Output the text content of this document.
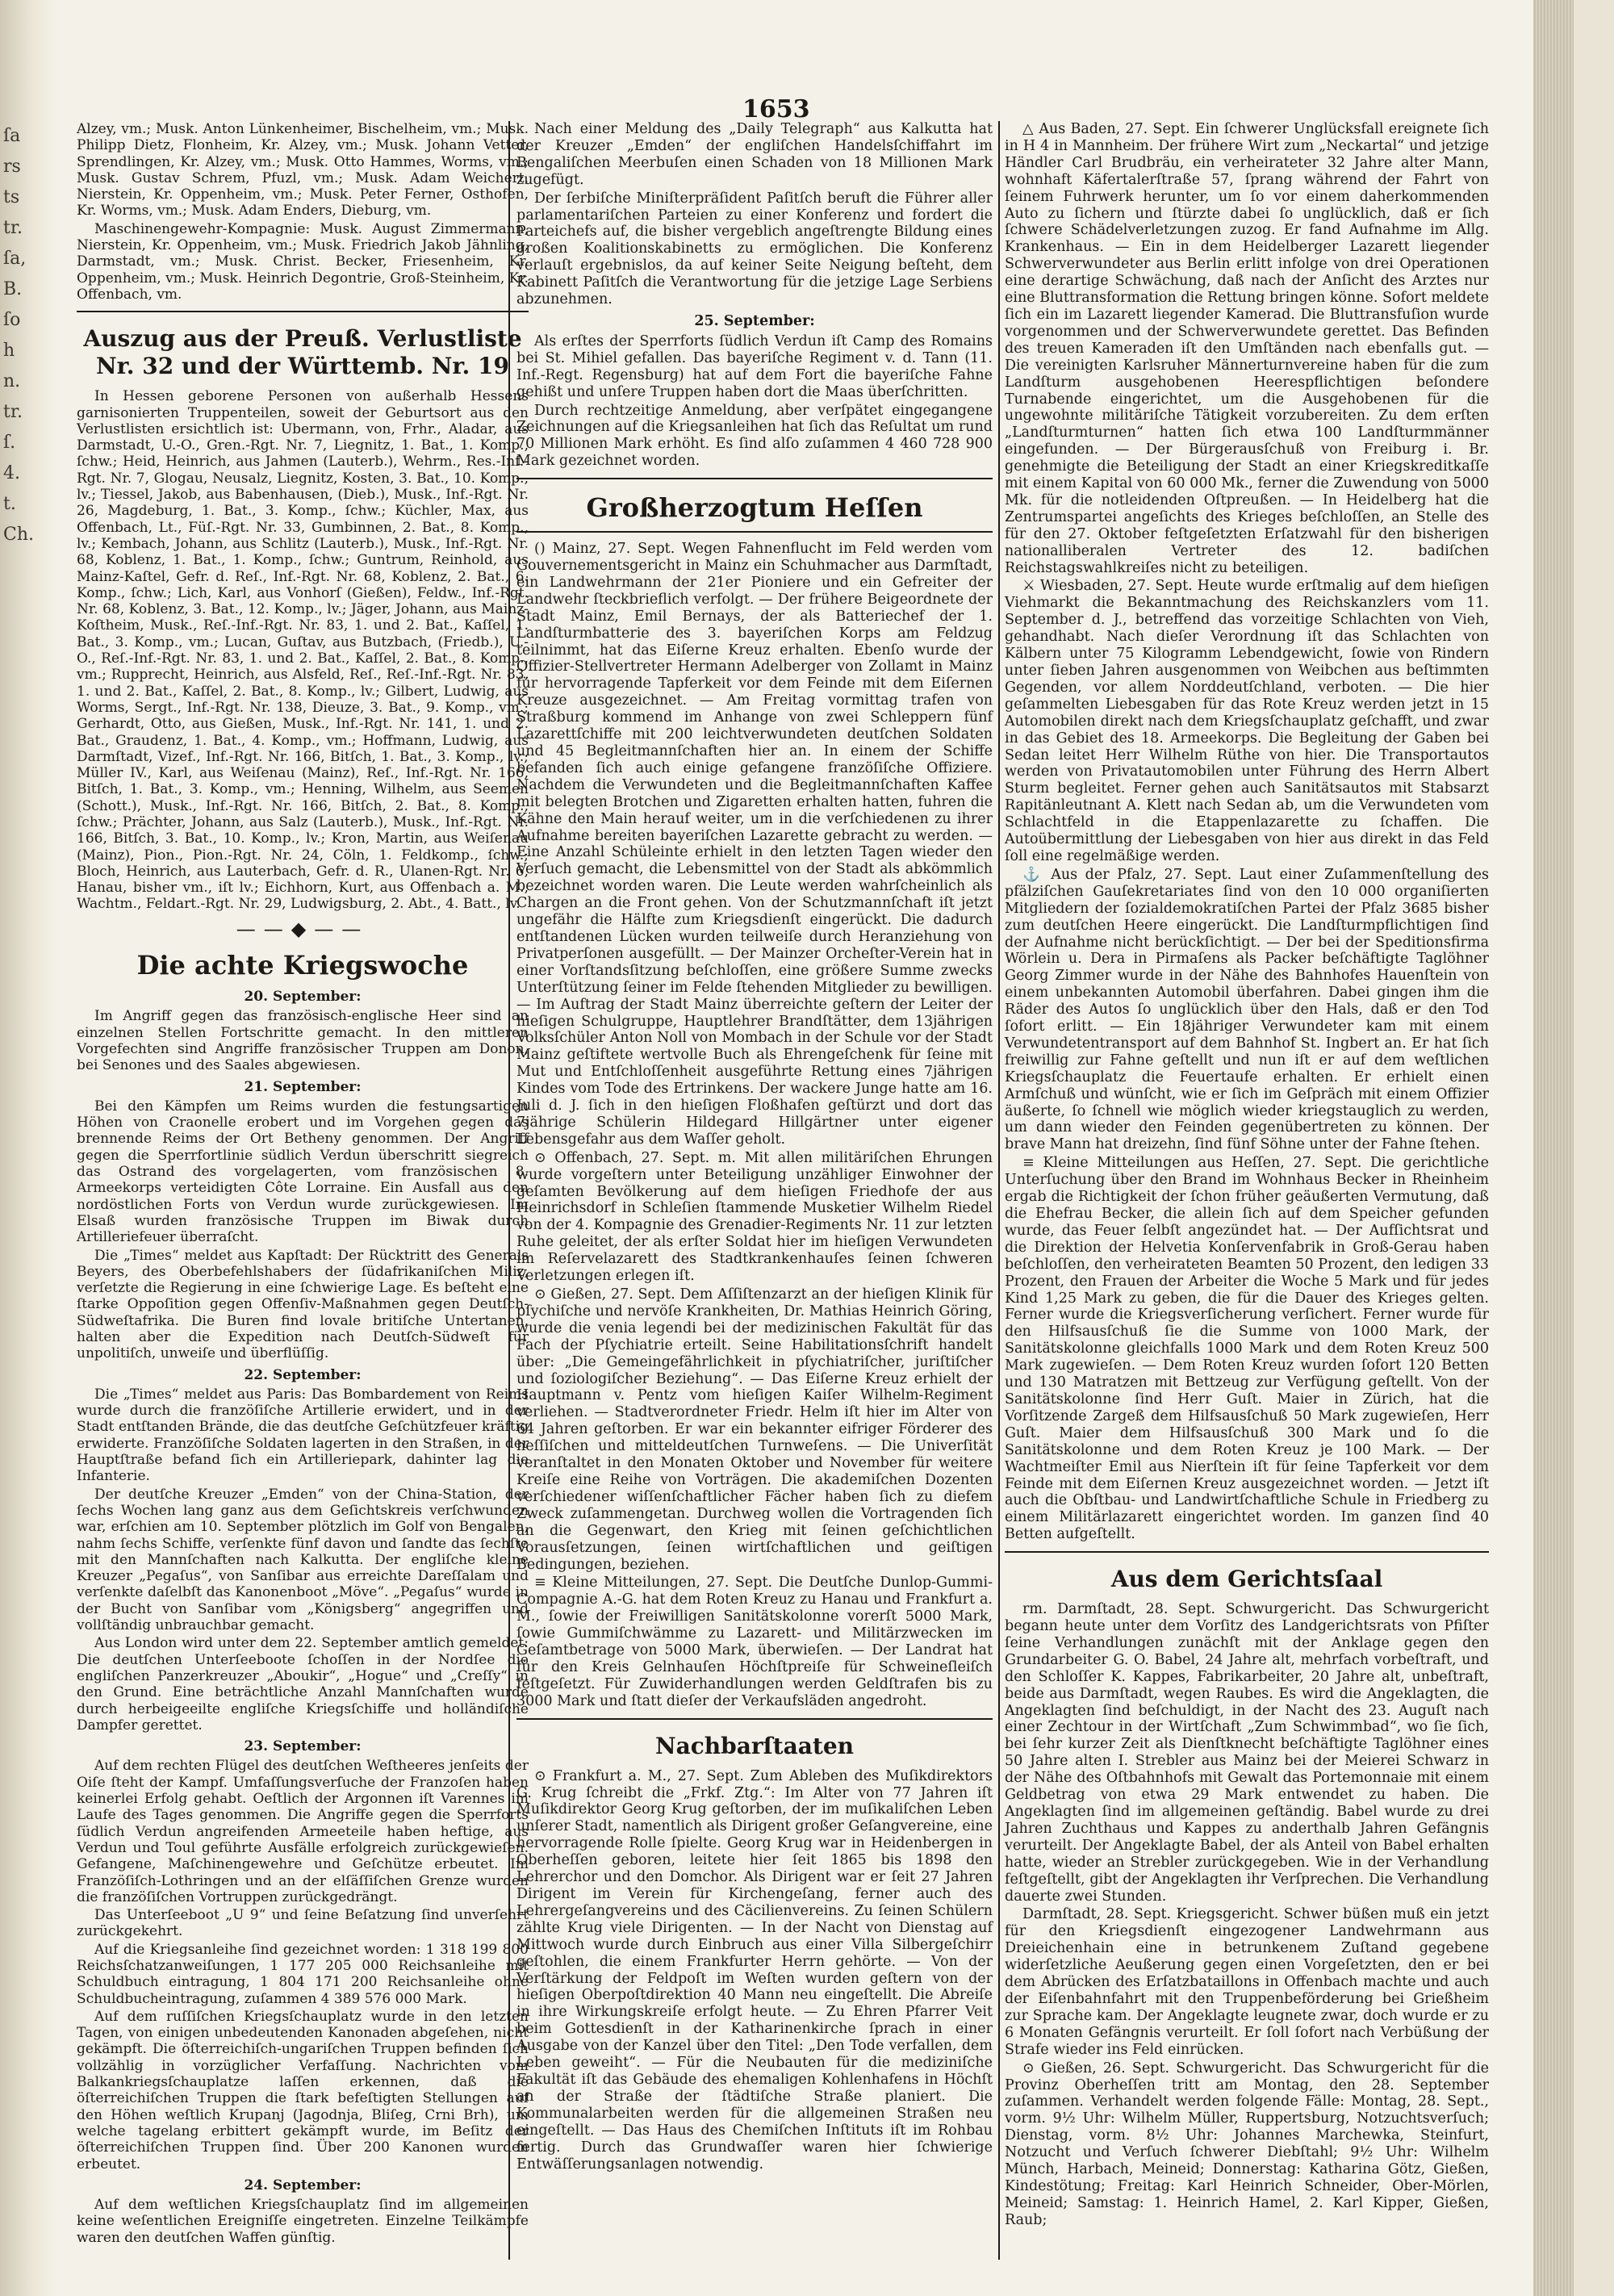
ſa
rs
ts
tr.
ſa,
B.
ſo
h
n.
tr.
ſ.
4.
t.
Ch.
1653

Alzey, vm.; Musk. Anton Lünkenheimer, Bischelheim, vm.; Musk. Philipp Dietz, Flonheim, Kr. Alzey, vm.; Musk. Johann Vetter, Sprendlingen, Kr. Alzey, vm.; Musk. Otto Hammes, Worms, vm.; Musk. Gustav Schrem, Pfuzl, vm.; Musk. Adam Weichert, Nierstein, Kr. Oppenheim, vm.; Musk. Peter Ferner, Osthofen, Kr. Worms, vm.; Musk. Adam Enders, Dieburg, vm.

Maschinengewehr-Kompagnie: Musk. August Zimmermann, Nierstein, Kr. Oppenheim, vm.; Musk. Friedrich Jakob Jähnling, Darmstadt, vm.; Musk. Christ. Becker, Friesenheim, Kr. Oppenheim, vm.; Musk. Heinrich Degontrie, Groß-Steinheim, Kr. Offenbach, vm.

Auszug aus der Preuß. Verlustliste Nr. 32 und der Württemb. Nr. 19

In Hessen geborene Personen von außerhalb Hessens garnisonierten Truppenteilen, soweit der Geburtsort aus den Verlustlisten ersichtlich ist: Ubermann, von, Frhr., Aladar, aus Darmstadt, U.-O., Gren.-Rgt. Nr. 7, Liegnitz, 1. Bat., 1. Komp., ſchw.; Heid, Heinrich, aus Jahmen (Lauterb.), Wehrm., Res.-Inf.-Rgt. Nr. 7, Glogau, Neusalz, Liegnitz, Kosten, 3. Bat., 10. Komp., lv.; Tiessel, Jakob, aus Babenhausen, (Dieb.), Musk., Inf.-Rgt. Nr. 26, Magdeburg, 1. Bat., 3. Komp., ſchw.; Küchler, Max, aus Offenbach, Lt., Füſ.-Rgt. Nr. 33, Gumbinnen, 2. Bat., 8. Komp., lv.; Kembach, Johann, aus Schlitz (Lauterb.), Musk., Inf.-Rgt. Nr. 68, Koblenz, 1. Bat., 1. Komp., ſchw.; Guntrum, Reinhold, aus Mainz-Kaſtel, Gefr. d. Reſ., Inf.-Rgt. Nr. 68, Koblenz, 2. Bat., 6. Komp., ſchw.; Lich, Karl, aus Vonhorſ (Gießen), Feldw., Inf.-Rgt. Nr. 68, Koblenz, 3. Bat., 12. Komp., lv.; Jäger, Johann, aus Mainz-Koſtheim, Musk., Reſ.-Inf.-Rgt. Nr. 83, 1. und 2. Bat., Kaſſel, 1. Bat., 3. Komp., vm.; Lucan, Guſtav, aus Butzbach, (Friedb.), U.-O., Reſ.-Inf.-Rgt. Nr. 83, 1. und 2. Bat., Kaſſel, 2. Bat., 8. Komp., vm.; Rupprecht, Heinrich, aus Alsfeld, Reſ., Reſ.-Inf.-Rgt. Nr. 83, 1. und 2. Bat., Kaſſel, 2. Bat., 8. Komp., lv.; Gilbert, Ludwig, aus Worms, Sergt., Inf.-Rgt. Nr. 138, Dieuze, 3. Bat., 9. Komp., vm.; Gerhardt, Otto, aus Gießen, Musk., Inf.-Rgt. Nr. 141, 1. und 2. Bat., Graudenz, 1. Bat., 4. Komp., vm.; Hoffmann, Ludwig, aus Darmſtadt, Vizef., Inf.-Rgt. Nr. 166, Bitſch, 1. Bat., 3. Komp., lv.; Müller IV., Karl, aus Weiſenau (Mainz), Reſ., Inf.-Rgt. Nr. 166, Bitſch, 1. Bat., 3. Komp., vm.; Henning, Wilhelm, aus Seemen (Schott.), Musk., Inf.-Rgt. Nr. 166, Bitſch, 2. Bat., 8. Komp., ſchw.; Prächter, Johann, aus Salz (Lauterb.), Musk., Inf.-Rgt. Nr. 166, Bitſch, 3. Bat., 10. Komp., lv.; Kron, Martin, aus Weiſenau (Mainz), Pion., Pion.-Rgt. Nr. 24, Cöln, 1. Feldkomp., ſchw.; Bloch, Heinrich, aus Lauterbach, Gefr. d. R., Ulanen-Rgt. Nr. 6, Hanau, bisher vm., iſt lv.; Eichhorn, Kurt, aus Offenbach a. M., Wachtm., Feldart.-Rgt. Nr. 29, Ludwigsburg, 2. Abt., 4. Batt., lv.

——◆——
Die achte Kriegswoche
20. September:

Im Angriff gegen das französisch-englische Heer sind an einzelnen Stellen Fortschritte gemacht. In den mittleren Vorgefechten sind Angriffe französischer Truppen am Donon, bei Senones und des Saales abgewiesen.

21. September:

Bei den Kämpfen um Reims wurden die festungsartigen Höhen von Craonelle erobert und im Vorgehen gegen das brennende Reims der Ort Betheny genommen. Der Angriff gegen die Sperrfortlinie südlich Verdun überschritt siegreich das Ostrand des vorgelagerten, vom französischen 8. Armeekorps verteidigten Côte Lorraine. Ein Ausfall aus den nordöstlichen Forts von Verdun wurde zurückgewiesen. Im Elsaß wurden französische Truppen im Biwak durch Artilleriefeuer überraſcht.

Die „Times“ meldet aus Kapſtadt: Der Rücktritt des Generals Beyers, des Oberbefehlshabers der ſüdafrikaniſchen Miliz, verſetzte die Regierung in eine ſchwierige Lage. Es beſteht eine ſtarke Oppoſition gegen Offenſiv-Maßnahmen gegen Deutſch-Südweſtafrika. Die Buren find lovale britiſche Untertanen, halten aber die Expedition nach Deutſch-Südweſt für unpolitiſch, unweiſe und überflüſſig.

22. September:

Die „Times“ meldet aus Paris: Das Bombardement von Reims wurde durch die franzöſiſche Artillerie erwidert, und in der Stadt entſtanden Brände, die das deutſche Geſchützfeuer kräftig erwiderte. Franzöſiſche Soldaten lagerten in den Straßen, in der Hauptſtraße befand ſich ein Artilleriepark, dahinter lag die Infanterie.

Der deutſche Kreuzer „Emden“ von der China-Station, der ſechs Wochen lang ganz aus dem Geſichtskreis verſchwunden war, erſchien am 10. September plötzlich im Golf von Bengalen, nahm ſechs Schiffe, verſenkte fünf davon und ſandte das ſechſte mit den Mannſchaften nach Kalkutta. Der engliſche kleine Kreuzer „Pegaſus“, von Sanſibar aus erreichte Dareſſalam und verſenkte daſelbſt das Kanonenboot „Möve“. „Pegaſus“ wurde in der Bucht von Sanſibar vom „Königsberg“ angegriffen und vollſtändig unbrauchbar gemacht.

Aus London wird unter dem 22. September amtlich gemeldet: Die deutſchen Unterſeeboote ſchoſſen in der Nordſee die engliſchen Panzerkreuzer „Aboukir“, „Hogue“ und „Creſſy“ in den Grund. Eine beträchtliche Anzahl Mannſchaften wurde durch herbeigeeilte engliſche Kriegsſchiffe und holländiſche Dampfer gerettet.

23. September:

Auf dem rechten Flügel des deutſchen Weſtheeres jenſeits der Oiſe ſteht der Kampf. Umfaſſungsverſuche der Franzoſen haben keinerlei Erfolg gehabt. Oeſtlich der Argonnen iſt Varennes im Laufe des Tages genommen. Die Angriffe gegen die Sperrforts ſüdlich Verdun angreifenden Armeeteile haben heftige, aus Verdun und Toul geführte Ausfälle erfolgreich zurückgewieſen. Gefangene, Maſchinengewehre und Geſchütze erbeutet. Im Franzöſiſch-Lothringen und an der elſäſſiſchen Grenze wurden die franzöſiſchen Vortruppen zurückgedrängt.

Das Unterſeeboot „U 9“ und ſeine Beſatzung ſind unverſehrt zurückgekehrt.

Auf die Kriegsanleihe ſind gezeichnet worden: 1 318 199 800 Reichsſchatzanweiſungen, 1 177 205 000 Reichsanleihe mit Schuldbuch eintragung, 1 804 171 200 Reichsanleihe ohne Schuldbucheintragung, zuſammen 4 389 576 000 Mark.

Auf dem ruſſiſchen Kriegsſchauplatz wurde in den letzten Tagen, von einigen unbedeutenden Kanonaden abgeſehen, nicht gekämpft. Die öſterreichiſch-ungariſchen Truppen befinden ſich vollzählig in vorzüglicher Verfaſſung. Nachrichten vom Balkankriegsſchauplatze laſſen erkennen, daß die öſterreichiſchen Truppen die ſtark befeſtigten Stellungen auf den Höhen weſtlich Krupanj (Jagodnja, Bliſeg, Crni Brh), um welche tagelang erbittert gekämpft wurde, im Beſitz der öſterreichiſchen Truppen ſind. Über 200 Kanonen wurden erbeutet.

24. September:

Auf dem weſtlichen Kriegsſchauplatz ſind im allgemeinen keine weſentlichen Ereigniſſe eingetreten. Einzelne Teilkämpfe waren den deutſchen Waffen günſtig.

Nach einer Meldung des „Daily Telegraph“ aus Kalkutta hat der Kreuzer „Emden“ der engliſchen Handelsſchiffahrt im Bengaliſchen Meerbuſen einen Schaden von 18 Millionen Mark zugefügt.

Der ſerbiſche Miniſterpräſident Paſitſch beruft die Führer aller parlamentariſchen Parteien zu einer Konferenz und fordert die Parteichefs auf, die bisher vergeblich angeſtrengte Bildung eines großen Koalitionskabinetts zu ermöglichen. Die Konferenz verlauſt ergebnislos, da auf keiner Seite Neigung beſteht, dem Kabinett Paſitſch die Verantwortung für die jetzige Lage Serbiens abzunehmen.

25. September:

Als erſtes der Sperrforts ſüdlich Verdun iſt Camp des Romains bei St. Mihiel gefallen. Das bayeriſche Regiment v. d. Tann (11. Inf.-Regt. Regensburg) hat auf dem Fort die bayeriſche Fahne gehißt und unſere Truppen haben dort die Maas überſchritten.

Durch rechtzeitige Anmeldung, aber verſpätet eingegangene Zeichnungen auf die Kriegsanleihen hat ſich das Reſultat um rund 70 Millionen Mark erhöht. Es ſind alſo zuſammen 4 460 728 900 Mark gezeichnet worden.

Großherzogtum Heſſen

() Mainz, 27. Sept. Wegen Fahnenflucht im Feld werden vom Gouvernementsgericht in Mainz ein Schuhmacher aus Darmſtadt, ein Landwehrmann der 21er Pioniere und ein Gefreiter der Landwehr ſteckbrieflich verfolgt. — Der frühere Beigeordnete der Stadt Mainz, Emil Bernays, der als Batteriechef der 1. Landſturmbatterie des 3. bayeriſchen Korps am Feldzug teilnimmt, hat das Eiſerne Kreuz erhalten. Ebenſo wurde der Offizier-Stellvertreter Hermann Adelberger von Zollamt in Mainz für hervorragende Tapferkeit vor dem Feinde mit dem Eiſernen Kreuze ausgezeichnet. — Am Freitag vormittag trafen von Straßburg kommend im Anhange von zwei Schleppern fünf Lazarettſchiffe mit 200 leichtverwundeten deutſchen Soldaten und 45 Begleitmannſchaften hier an. In einem der Schiffe befanden ſich auch einige gefangene franzöſiſche Offiziere. Nachdem die Verwundeten und die Begleitmannſchaften Kaffee mit belegten Brotchen und Zigaretten erhalten hatten, fuhren die Kähne den Main herauf weiter, um in die verſchiedenen zu ihrer Aufnahme bereiten bayeriſchen Lazarette gebracht zu werden. — Eine Anzahl Schüleinte erhielt in den letzten Tagen wieder den Verſuch gemacht, die Lebensmittel von der Stadt als abkömmlich bezeichnet worden waren. Die Leute werden wahrſcheinlich als Chargen an die Front gehen. Von der Schutzmannſchaft iſt jetzt ungefähr die Hälfte zum Kriegsdienſt eingerückt. Die dadurch entſtandenen Lücken wurden teilweiſe durch Heranziehung von Privatperſonen ausgefüllt. — Der Mainzer Orcheſter-Verein hat in einer Vorſtandsſitzung beſchloſſen, eine größere Summe zwecks Unterſtützung ſeiner im Felde ſtehenden Mitglieder zu bewilligen. — Im Auftrag der Stadt Mainz überreichte geſtern der Leiter der hieſigen Schulgruppe, Hauptlehrer Brandſtätter, dem 13jährigen Volksſchüler Anton Noll von Mombach in der Schule vor der Stadt Mainz geſtiftete wertvolle Buch als Ehrengeſchenk für ſeine mit Mut und Entſchloſſenheit ausgeführte Rettung eines 7jährigen Kindes vom Tode des Ertrinkens. Der wackere Junge hatte am 16. Juli d. J. ſich in den hieſigen Floßhafen geſtürzt und dort das 7jährige Schülerin Hildegard Hillgärtner unter eigener Lebensgefahr aus dem Waſſer geholt.

⊙ Offenbach, 27. Sept. m. Mit allen militäriſchen Ehrungen wurde vorgeſtern unter Beteiligung unzähliger Einwohner der geſamten Bevölkerung auf dem hieſigen Friedhofe der aus Heinrichsdorf in Schleſien ſtammende Musketier Wilhelm Riedel von der 4. Kompagnie des Grenadier-Regiments Nr. 11 zur letzten Ruhe geleitet, der als erſter Soldat hier im hieſigen Verwundeten im Reſervelazarett des Stadtkrankenhauſes ſeinen ſchweren Verletzungen erlegen iſt.

⊙ Gießen, 27. Sept. Dem Aſſiſtenzarzt an der hieſigen Klinik für pſychiſche und nervöſe Krankheiten, Dr. Mathias Heinrich Göring, wurde die venia legendi bei der medizinischen Fakultät für das Fach der Pſychiatrie erteilt. Seine Habilitationsſchrift handelt über: „Die Gemeingefährlichkeit in pſychiatriſcher, juriſtiſcher und ſoziologiſcher Beziehung“. — Das Eiſerne Kreuz erhielt der Hauptmann v. Pentz vom hieſigen Kaiſer Wilhelm-Regiment verliehen. — Stadtverordneter Friedr. Helm iſt hier im Alter von 64 Jahren geſtorben. Er war ein bekannter eifriger Förderer des heſſiſchen und mitteldeutſchen Turnweſens. — Die Univerſität veranſtaltet in den Monaten Oktober und November für weitere Kreiſe eine Reihe von Vorträgen. Die akademiſchen Dozenten verſchiedener wiſſenſchaftlicher Fächer haben ſich zu diefem Zweck zuſammengetan. Durchweg wollen die Vortragenden ſich an die Gegenwart, den Krieg mit ſeinen geſchichtlichen Vorausſetzungen, ſeinen wirtſchaftlichen und geiſtigen Bedingungen, beziehen.

≡ Kleine Mitteilungen, 27. Sept. Die Deutſche Dunlop-Gummi-Compagnie A.-G. hat dem Roten Kreuz zu Hanau und Frankfurt a. M., ſowie der Freiwilligen Sanitätskolonne vorerſt 5000 Mark, ſowie Gummiſchwämme zu Lazarett- und Militärzwecken im Geſamtbetrage von 5000 Mark, überwieſen. — Der Landrat hat für den Kreis Gelnhauſen Höchſtpreiſe für Schweineſleiſch feſtgeſetzt. Für Zuwiderhandlungen werden Geldſtrafen bis zu 3000 Mark und ſtatt dieſer der Verkaufsläden angedroht.

Nachbarſtaaten

⊙ Frankfurt a. M., 27. Sept. Zum Ableben des Muſikdirektors G. Krug ſchreibt die „Frkf. Ztg.“: Im Alter von 77 Jahren iſt Muſikdirektor Georg Krug geſtorben, der im muſikaliſchen Leben unſerer Stadt, namentlich als Dirigent großer Geſangvereine, eine hervorragende Rolle ſpielte. Georg Krug war in Heidenbergen in Oberheſſen geboren, leitete hier ſeit 1865 bis 1898 den Lehrerchor und den Domchor. Als Dirigent war er ſeit 27 Jahren Dirigent im Verein für Kirchengeſang, ferner auch des Lehrergeſangvereins und des Cäcilienvereins. Zu ſeinen Schülern zählte Krug viele Dirigenten. — In der Nacht von Dienstag auf Mittwoch wurde durch Einbruch aus einer Villa Silbergeſchirr geſtohlen, die einem Frankfurter Herrn gehörte. — Von der Verſtärkung der Feldpoſt im Weſten wurden geſtern von der hieſigen Oberpoſtdirektion 40 Mann neu eingeſtellt. Die Abreiſe in ihre Wirkungskreiſe erfolgt heute. — Zu Ehren Pfarrer Veit beim Gottesdienſt in der Katharinenkirche ſprach in einer Ausgabe von der Kanzel über den Titel: „Den Tode verfallen, dem Leben geweiht“. — Für die Neubauten für die mediziniſche Fakultät iſt das Gebäude des ehemaligen Kohlenhafens in Höchſt an der Straße der ſtädtiſche Straße planiert. Die Kommunalarbeiten werden für die allgemeinen Straßen neu eingeſtellt. — Das Haus des Chemiſchen Inſtituts iſt im Rohbau fertig. Durch das Grundwaſſer waren hier ſchwierige Entwäſſerungsanlagen notwendig.

△ Aus Baden, 27. Sept. Ein ſchwerer Unglücksfall ereignete ſich in H 4 in Mannheim. Der frühere Wirt zum „Neckartal“ und jetzige Händler Carl Brudbräu, ein verheirateter 32 Jahre alter Mann, wohnhaft Käfertalerſtraße 57, ſprang während der Fahrt von ſeinem Fuhrwerk herunter, um ſo vor einem daherkommenden Auto zu ſichern und ſtürzte dabei ſo unglücklich, daß er ſich ſchwere Schädelverletzungen zuzog. Er fand Aufnahme im Allg. Krankenhaus. — Ein in dem Heidelberger Lazarett liegender Schwerverwundeter aus Berlin erlitt infolge von drei Operationen eine derartige Schwächung, daß nach der Anſicht des Arztes nur eine Bluttransformation die Rettung bringen könne. Sofort meldete ſich ein im Lazarett liegender Kamerad. Die Bluttransfuſion wurde vorgenommen und der Schwerverwundete gerettet. Das Befinden des treuen Kameraden iſt den Umſtänden nach ebenfalls gut. — Die vereinigten Karlsruher Männerturnvereine haben für die zum Landſturm ausgehobenen Heerespflichtigen beſondere Turnabende eingerichtet, um die Ausgehobenen für die ungewohnte militäriſche Tätigkeit vorzubereiten. Zu dem erſten „Landſturmturnen“ hatten ſich etwa 100 Landſturmmänner eingefunden. — Der Bürgerausſchuß von Freiburg i. Br. genehmigte die Beteiligung der Stadt an einer Kriegskreditkaſſe mit einem Kapital von 60 000 Mk., ferner die Zuwendung von 5000 Mk. für die notleidenden Oſtpreußen. — In Heidelberg hat die Zentrumspartei angeſichts des Krieges beſchloſſen, an Stelle des für den 27. Oktober feſtgeſetzten Erſatzwahl für den bisherigen nationalliberalen Vertreter des 12. badiſchen Reichstagswahlkreiſes nicht zu beteiligen.

⚔ Wiesbaden, 27. Sept. Heute wurde erſtmalig auf dem hieſigen Viehmarkt die Bekanntmachung des Reichskanzlers vom 11. September d. J., betreffend das vorzeitige Schlachten von Vieh, gehandhabt. Nach dieſer Verordnung iſt das Schlachten von Kälbern unter 75 Kilogramm Lebendgewicht, ſowie von Rindern unter ſieben Jahren ausgenommen von Weibchen aus beſtimmten Gegenden, vor allem Norddeutſchland, verboten. — Die hier geſammelten Liebesgaben für das Rote Kreuz werden jetzt in 15 Automobilen direkt nach dem Kriegsſchauplatz geſchafft, und zwar in das Gebiet des 18. Armeekorps. Die Begleitung der Gaben bei Sedan leitet Herr Wilhelm Rüthe von hier. Die Transportautos werden von Privatautomobilen unter Führung des Herrn Albert Sturm begleitet. Ferner gehen auch Sanitätsautos mit Stabsarzt Rapitänleutnant A. Klett nach Sedan ab, um die Verwundeten vom Schlachtfeld in die Etappenlazarette zu ſchaffen. Die Autoübermittlung der Liebesgaben von hier aus direkt in das Feld ſoll eine regelmäßige werden.

⚓ Aus der Pfalz, 27. Sept. Laut einer Zuſammenſtellung des pfälziſchen Gauſekretariates ſind von den 10 000 organiſierten Mitgliedern der ſozialdemokratiſchen Partei der Pfalz 3685 bisher zum deutſchen Heere eingerückt. Die Landſturmpflichtigen ſind der Aufnahme nicht berückſichtigt. — Der bei der Speditionsfirma Wörlein u. Dera in Pirmaſens als Packer beſchäftigte Taglöhner Georg Zimmer wurde in der Nähe des Bahnhofes Hauenſtein von einem unbekannten Automobil überfahren. Dabei gingen ihm die Räder des Autos ſo unglücklich über den Hals, daß er den Tod ſofort erlitt. — Ein 18jähriger Verwundeter kam mit einem Verwundetentransport auf dem Bahnhof St. Ingbert an. Er hat ſich freiwillig zur Fahne geſtellt und nun iſt er auf dem weſtlichen Kriegsſchauplatz die Feuertaufe erhalten. Er erhielt einen Armſchuß und wünſcht, wie er ſich im Geſpräch mit einem Offizier äußerte, ſo ſchnell wie möglich wieder kriegstauglich zu werden, um dann wieder den Feinden gegenübertreten zu können. Der brave Mann hat dreizehn, ſind fünf Söhne unter der Fahne ſtehen.

≡ Kleine Mitteilungen aus Heſſen, 27. Sept. Die gerichtliche Unterſuchung über den Brand im Wohnhaus Becker in Rheinheim ergab die Richtigkeit der ſchon früher geäußerten Vermutung, daß die Ehefrau Becker, die allein ſich auf dem Speicher gefunden wurde, das Feuer ſelbſt angezündet hat. — Der Aufſichtsrat und die Direktion der Helvetia Konſervenfabrik in Groß-Gerau haben beſchloſſen, den verheirateten Beamten 50 Prozent, den ledigen 33 Prozent, den Frauen der Arbeiter die Woche 5 Mark und für jedes Kind 1,25 Mark zu geben, die für die Dauer des Krieges gelten. Ferner wurde die Kriegsverſicherung verſichert. Ferner wurde für den Hilfsausſchuß ſie die Summe von 1000 Mark, der Sanitätskolonne gleichfalls 1000 Mark und dem Roten Kreuz 500 Mark zugewieſen. — Dem Roten Kreuz wurden ſofort 120 Betten und 130 Matratzen mit Bettzeug zur Verfügung geſtellt. Von der Sanitätskolonne ſind Herr Guſt. Maier in Zürich, hat die Vorſitzende Zargeß dem Hilfsausſchuß 50 Mark zugewieſen, Herr Guſt. Maier dem Hilfsausſchuß 300 Mark und ſo die Sanitätskolonne und dem Roten Kreuz je 100 Mark. — Der Wachtmeiſter Emil aus Nierſtein iſt für ſeine Tapferkeit vor dem Feinde mit dem Eiſernen Kreuz ausgezeichnet worden. — Jetzt iſt auch die Obſtbau- und Landwirtſchaftliche Schule in Friedberg zu einem Militärlazarett eingerichtet worden. Im ganzen ſind 40 Betten aufgeſtellt.

Aus dem Gerichtsſaal

rm. Darmſtadt, 28. Sept. Schwurgericht. Das Schwurgericht begann heute unter dem Vorſitz des Landgerichtsrats von Pfiſter ſeine Verhandlungen zunächſt mit der Anklage gegen den Grundarbeiter G. O. Babel, 24 Jahre alt, mehrfach vorbeſtraft, und den Schloſſer K. Kappes, Fabrikarbeiter, 20 Jahre alt, unbeſtraft, beide aus Darmſtadt, wegen Raubes. Es wird die Angeklagten, die Angeklagten ſind beſchuldigt, in der Nacht des 23. Auguſt nach einer Zechtour in der Wirtſchaft „Zum Schwimmbad“, wo ſie ſich, bei ſehr kurzer Zeit als Dienſtknecht beſchäftigte Taglöhner eines 50 Jahre alten I. Strebler aus Mainz bei der Meierei Schwarz in der Nähe des Oſtbahnhofs mit Gewalt das Portemonnaie mit einem Geldbetrag von etwa 29 Mark entwendet zu haben. Die Angeklagten ſind im allgemeinen geſtändig. Babel wurde zu drei Jahren Zuchthaus und Kappes zu anderthalb Jahren Gefängnis verurteilt. Der Angeklagte Babel, der als Anteil von Babel erhalten hatte, wieder an Strebler zurückgegeben. Wie in der Verhandlung feſtgeſtellt, gibt der Angeklagten ihr Verſprechen. Die Verhandlung dauerte zwei Stunden.

Darmſtadt, 28. Sept. Kriegsgericht. Schwer büßen muß ein jetzt für den Kriegsdienſt eingezogener Landwehrmann aus Dreieichenhain eine in betrunkenem Zuſtand gegebene widerſetzliche Aeußerung gegen einen Vorgeſetzten, den er bei dem Abrücken des Erſatzbataillons in Offenbach machte und auch der Eiſenbahnfahrt mit den Truppenbeförderung bei Grießheim zur Sprache kam. Der Angeklagte leugnete zwar, doch wurde er zu 6 Monaten Gefängnis verurteilt. Er ſoll ſofort nach Verbüßung der Strafe wieder ins Feld einrücken.

⊙ Gießen, 26. Sept. Schwurgericht. Das Schwurgericht für die Provinz Oberheſſen tritt am Montag, den 28. September zuſammen. Verhandelt werden folgende Fälle: Montag, 28. Sept., vorm. 9½ Uhr: Wilhelm Müller, Ruppertsburg, Notzuchtsverſuch; Dienstag, vorm. 8½ Uhr: Johannes Marchewka, Steinfurt, Notzucht und Verſuch ſchwerer Diebſtahl; 9½ Uhr: Wilhelm Münch, Harbach, Meineid; Donnerstag: Katharina Götz, Gießen, Kindestötung; Freitag: Karl Heinrich Schneider, Ober-Mörlen, Meineid; Samstag: 1. Heinrich Hamel, 2. Karl Kipper, Gießen, Raub;
